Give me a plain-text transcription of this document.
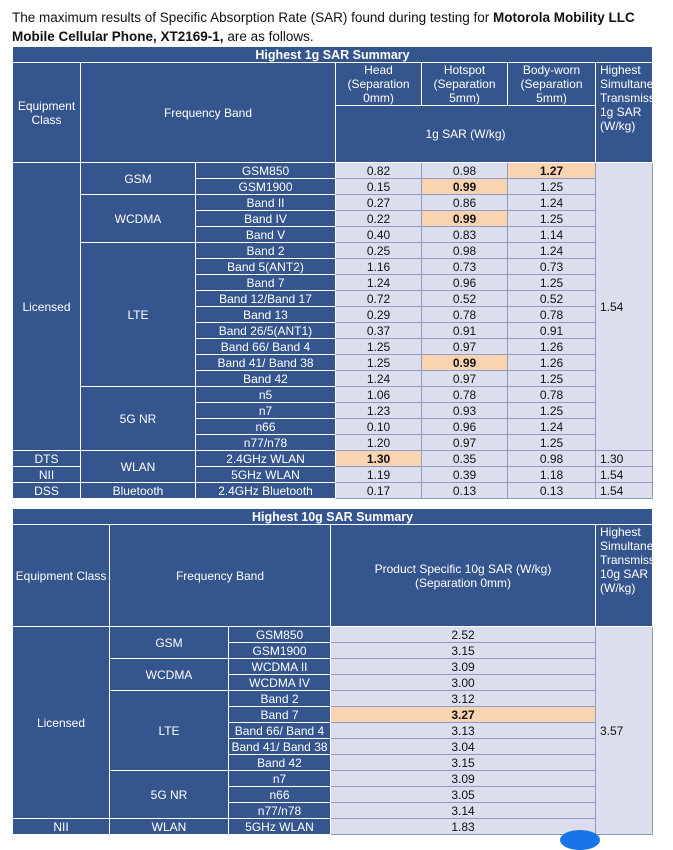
The maximum results of Specific Absorption Rate (SAR) found during testing for Motorola Mobility LLC
Mobile Cellular Phone, XT2169-1, are as follows.
Highest 1g SAR Summary						
Equipment Class	Frequency Band		Head (Separation 0mm)	Hotspot (Separation 5mm)	Body-worn (Separation 5mm)	Highest Simultaneous Transmission 1g SAR (W/kg)
			1g SAR (W/kg)			
Licensed	GSM	GSM850	0.82	0.98	1.27	1.54
		GSM1900	0.15	0.99	1.25	
	WCDMA	Band II	0.27	0.86	1.24	
		Band IV	0.22	0.99	1.25	
		Band V	0.40	0.83	1.14	
	LTE	Band 2	0.25	0.98	1.24	
		Band 5(ANT2)	1.16	0.73	0.73	
		Band 7	1.24	0.96	1.25	
		Band 12/Band 17	0.72	0.52	0.52	
		Band 13	0.29	0.78	0.78	
		Band 26/5(ANT1)	0.37	0.91	0.91	
		Band 66/ Band 4	1.25	0.97	1.26	
		Band 41/ Band 38	1.25	0.99	1.26	
		Band 42	1.24	0.97	1.25	
	5G NR	n5	1.06	0.78	0.78	
		n7	1.23	0.93	1.25	
		n66	0.10	0.96	1.24	
		n77/n78	1.20	0.97	1.25	
DTS	WLAN	2.4GHz WLAN	1.30	0.35	0.98	1.30
NII		5GHz WLAN	1.19	0.39	1.18	1.54
DSS	Bluetooth	2.4GHz Bluetooth	0.17	0.13	0.13	1.54
Highest 10g SAR Summary				
Equipment Class	Frequency Band		Product Specific 10g SAR (W/kg) (Separation 0mm)	Highest Simultaneous Transmission 10g SAR (W/kg)
Licensed	GSM	GSM850	2.52	3.57
		GSM1900	3.15	
	WCDMA	WCDMA II	3.09	
		WCDMA IV	3.00	
	LTE	Band 2	3.12	
		Band 7	3.27	
		Band 66/ Band 4	3.13	
		Band 41/ Band 38	3.04	
		Band 42	3.15	
	5G NR	n7	3.09	
		n66	3.05	
		n77/n78	3.14	
NII	WLAN	5GHz WLAN	1.83	
